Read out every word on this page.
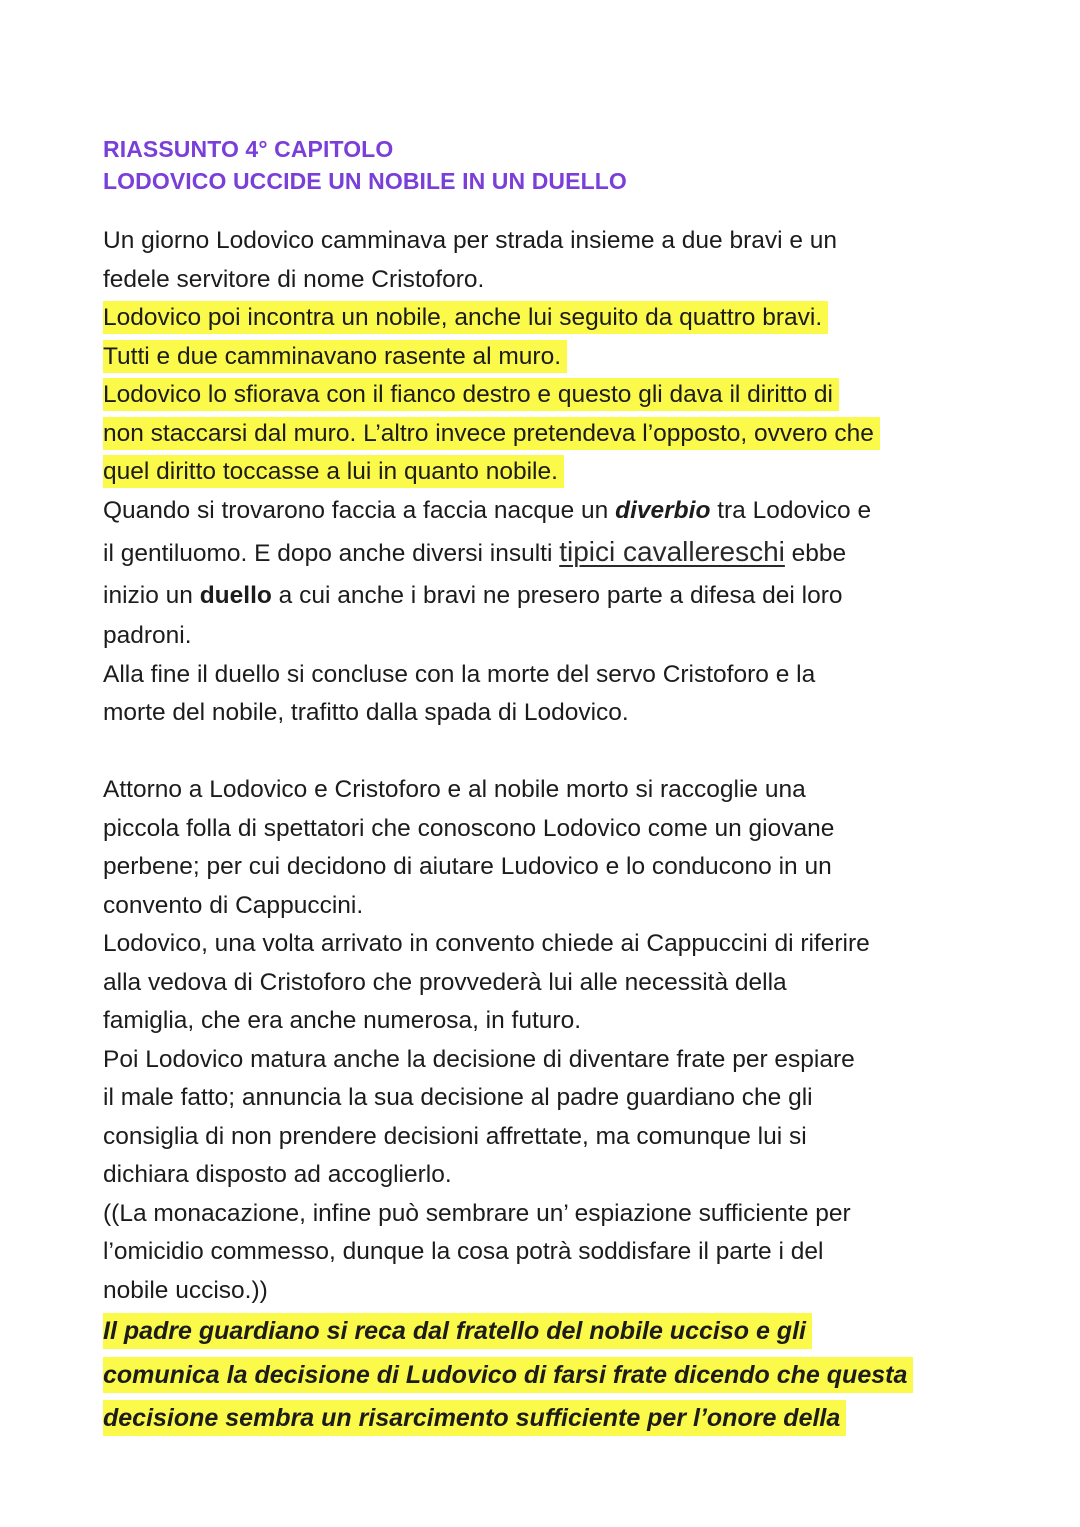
RIASSUNTO 4° CAPITOLO
LODOVICO UCCIDE UN NOBILE IN UN DUELLO
Un giorno Lodovico camminava per strada insieme a due bravi e un
fedele servitore di nome Cristoforo.
Lodovico poi incontra un nobile, anche lui seguito da quattro bravi.
Tutti e due camminavano rasente al muro.
Lodovico lo sfiorava con il fianco destro e questo gli dava il diritto di
non staccarsi dal muro. L’altro invece pretendeva l’opposto, ovvero che
quel diritto toccasse a lui in quanto nobile.
Quando si trovarono faccia a faccia nacque un diverbio tra Lodovico e
il gentiluomo. E dopo anche diversi insulti tipici cavallereschi ebbe
inizio un duello a cui anche i bravi ne presero parte a difesa dei loro
padroni.
Alla fine il duello si concluse con la morte del servo Cristoforo e la
morte del nobile, trafitto dalla spada di Lodovico.
Attorno a Lodovico e Cristoforo e al nobile morto si raccoglie una
piccola folla di spettatori che conoscono Lodovico come un giovane
perbene; per cui decidono di aiutare Ludovico e lo conducono in un
convento di Cappuccini.
Lodovico, una volta arrivato in convento chiede ai Cappuccini di riferire
alla vedova di Cristoforo che provvederà lui alle necessità della
famiglia, che era anche numerosa, in futuro.
Poi Lodovico matura anche la decisione di diventare frate per espiare
il male fatto; annuncia la sua decisione al padre guardiano che gli
consiglia di non prendere decisioni affrettate, ma comunque lui si
dichiara disposto ad accoglierlo.
((La monacazione, infine può sembrare un’ espiazione sufficiente per
l’omicidio commesso, dunque la cosa potrà soddisfare il parte i del
nobile ucciso.))
Il padre guardiano si reca dal fratello del nobile ucciso e gli
comunica la decisione di Ludovico di farsi frate dicendo che questa
decisione sembra un risarcimento sufficiente per l’onore della
